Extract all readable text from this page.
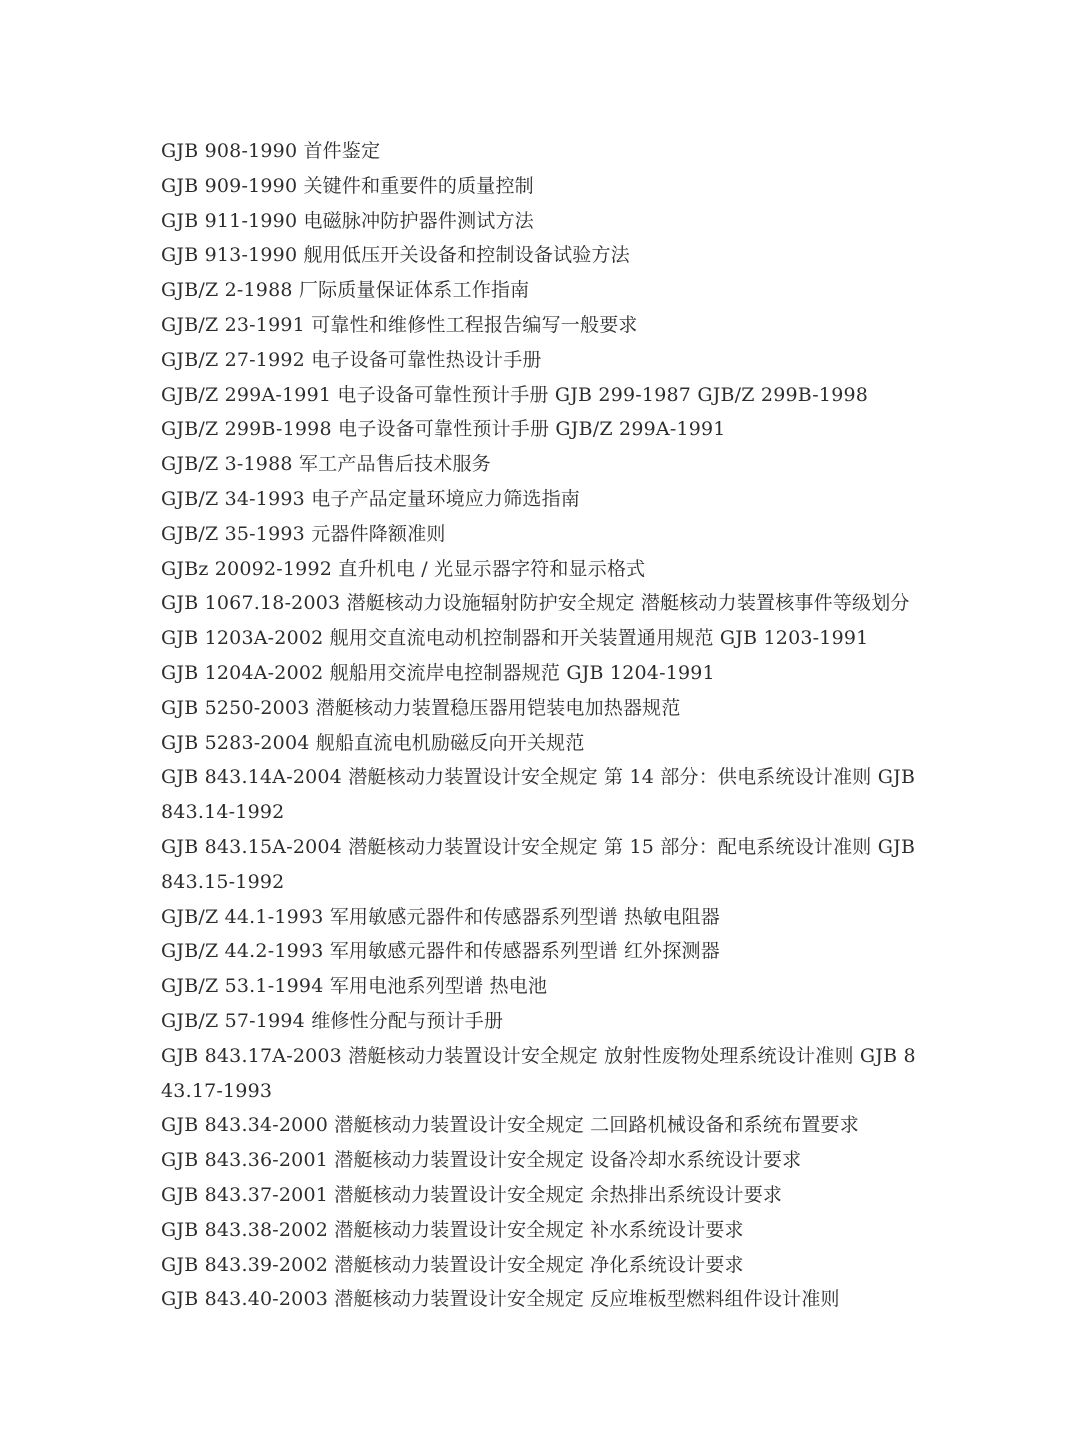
GJB 908-1990 首件鉴定
GJB 909-1990 关键件和重要件的质量控制
GJB 911-1990 电磁脉冲防护器件测试方法
GJB 913-1990 舰用低压开关设备和控制设备试验方法
GJB/Z 2-1988 厂际质量保证体系工作指南
GJB/Z 23-1991 可靠性和维修性工程报告编写一般要求
GJB/Z 27-1992 电子设备可靠性热设计手册
GJB/Z 299A-1991 电子设备可靠性预计手册 GJB 299-1987 GJB/Z 299B-1998
GJB/Z 299B-1998 电子设备可靠性预计手册 GJB/Z 299A-1991
GJB/Z 3-1988 军工产品售后技术服务
GJB/Z 34-1993 电子产品定量环境应力筛选指南
GJB/Z 35-1993 元器件降额准则
GJBz 20092-1992 直升机电 / 光显示器字符和显示格式
GJB 1067.18-2003 潜艇核动力设施辐射防护安全规定 潜艇核动力装置核事件等级划分
GJB 1203A-2002 舰用交直流电动机控制器和开关装置通用规范 GJB 1203-1991
GJB 1204A-2002 舰船用交流岸电控制器规范 GJB 1204-1991
GJB 5250-2003 潜艇核动力装置稳压器用铠装电加热器规范
GJB 5283-2004 舰船直流电机励磁反向开关规范
GJB 843.14A-2004 潜艇核动力装置设计安全规定 第 14 部分：供电系统设计准则 GJB 843.14-1992
GJB 843.15A-2004 潜艇核动力装置设计安全规定 第 15 部分：配电系统设计准则 GJB 843.15-1992
GJB/Z 44.1-1993 军用敏感元器件和传感器系列型谱 热敏电阻器
GJB/Z 44.2-1993 军用敏感元器件和传感器系列型谱 红外探测器
GJB/Z 53.1-1994 军用电池系列型谱 热电池
GJB/Z 57-1994 维修性分配与预计手册
GJB 843.17A-2003 潜艇核动力装置设计安全规定 放射性废物处理系统设计准则 GJB 843.17-1993
GJB 843.34-2000 潜艇核动力装置设计安全规定 二回路机械设备和系统布置要求
GJB 843.36-2001 潜艇核动力装置设计安全规定 设备冷却水系统设计要求
GJB 843.37-2001 潜艇核动力装置设计安全规定 余热排出系统设计要求
GJB 843.38-2002 潜艇核动力装置设计安全规定 补水系统设计要求
GJB 843.39-2002 潜艇核动力装置设计安全规定 净化系统设计要求
GJB 843.40-2003 潜艇核动力装置设计安全规定 反应堆板型燃料组件设计准则
